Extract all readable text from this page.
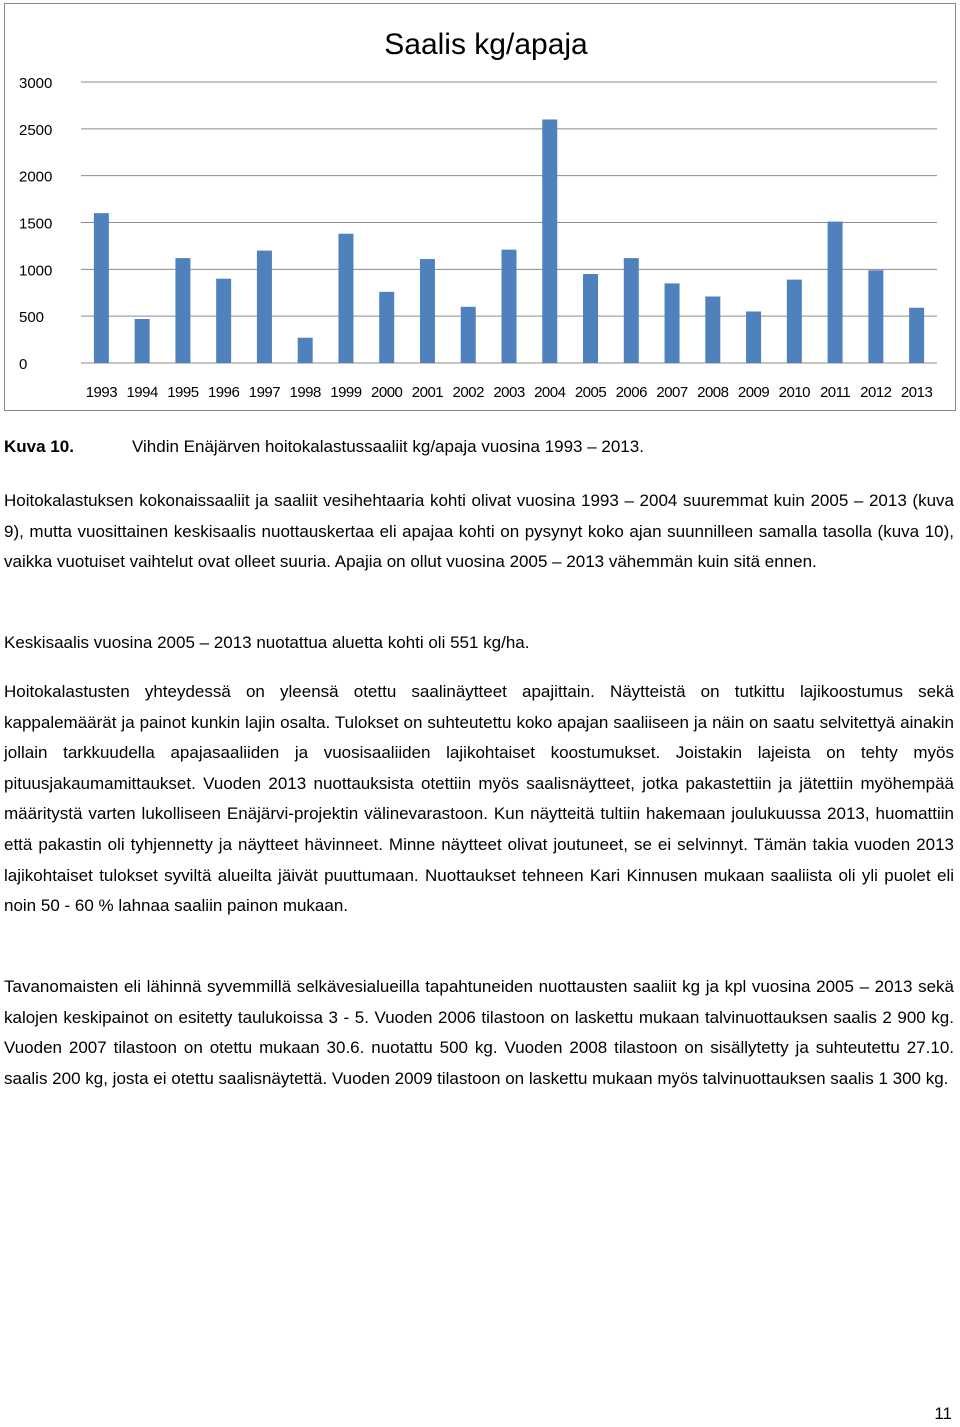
Saalis kg/apaja
0
500
1000
1500
2000
2500
3000
1993 1994 1995 1996 1997 1998 1999 2000 2001 2002 2003 2004 2005 2006 2007 2008 2009 2010 2011 2012 2013
Kuva 10.	Vihdin Enäjärven hoitokalastussaaliit kg/apaja vuosina 1993 – 2013.

Hoitokalastuksen kokonaissaaliit ja saaliit vesihehtaaria kohti olivat vuosina 1993 – 2004 suuremmat kuin 2005 – 2013 (kuva 9), mutta vuosittainen keskisaalis nuottauskertaa eli apajaa kohti on pysynyt koko ajan suunnilleen samalla tasolla (kuva 10), vaikka vuotuiset vaihtelut ovat olleet suuria. Apajia on ollut vuosina 2005 – 2013 vähemmän kuin sitä ennen.

Keskisaalis vuosina 2005 – 2013 nuotattua aluetta kohti oli 551 kg/ha.

Hoitokalastusten yhteydessä on yleensä otettu saalinäytteet apajittain. Näytteistä on tutkittu lajikoostumus sekä kappalemäärät ja painot kunkin lajin osalta. Tulokset on suhteutettu koko apajan saaliiseen ja näin on saatu selvitettyä ainakin jollain tarkkuudella apajasaaliiden ja vuosisaaliiden lajikohtaiset koostumukset. Joistakin lajeista on tehty myös pituusjakaumamittaukset. Vuoden 2013 nuottauksista otettiin myös saalisnäytteet, jotka pakastettiin ja jätettiin myöhempää määritystä varten lukolliseen Enäjärvi-projektin välinevarastoon. Kun näytteitä tultiin hakemaan joulukuussa 2013, huomattiin että pakastin oli tyhjennetty ja näytteet hävinneet. Minne näytteet olivat joutuneet, se ei selvinnyt. Tämän takia vuoden 2013 lajikohtaiset tulokset syviltä alueilta jäivät puuttumaan. Nuottaukset tehneen Kari Kinnusen mukaan saaliista oli yli puolet eli noin 50 - 60 % lahnaa saaliin painon mukaan.

Tavanomaisten eli lähinnä syvemmillä selkävesialueilla tapahtuneiden nuottausten saaliit kg ja kpl vuosina 2005 – 2013 sekä kalojen keskipainot on esitetty taulukoissa 3 - 5. Vuoden 2006 tilastoon on laskettu mukaan talvinuottauksen saalis 2 900 kg. Vuoden 2007 tilastoon on otettu mukaan 30.6. nuotattu 500 kg. Vuoden 2008 tilastoon on sisällytetty ja suhteutettu 27.10. saalis 200 kg, josta ei otettu saalisnäytettä. Vuoden 2009 tilastoon on laskettu mukaan myös talvinuottauksen saalis 1 300 kg.

11
